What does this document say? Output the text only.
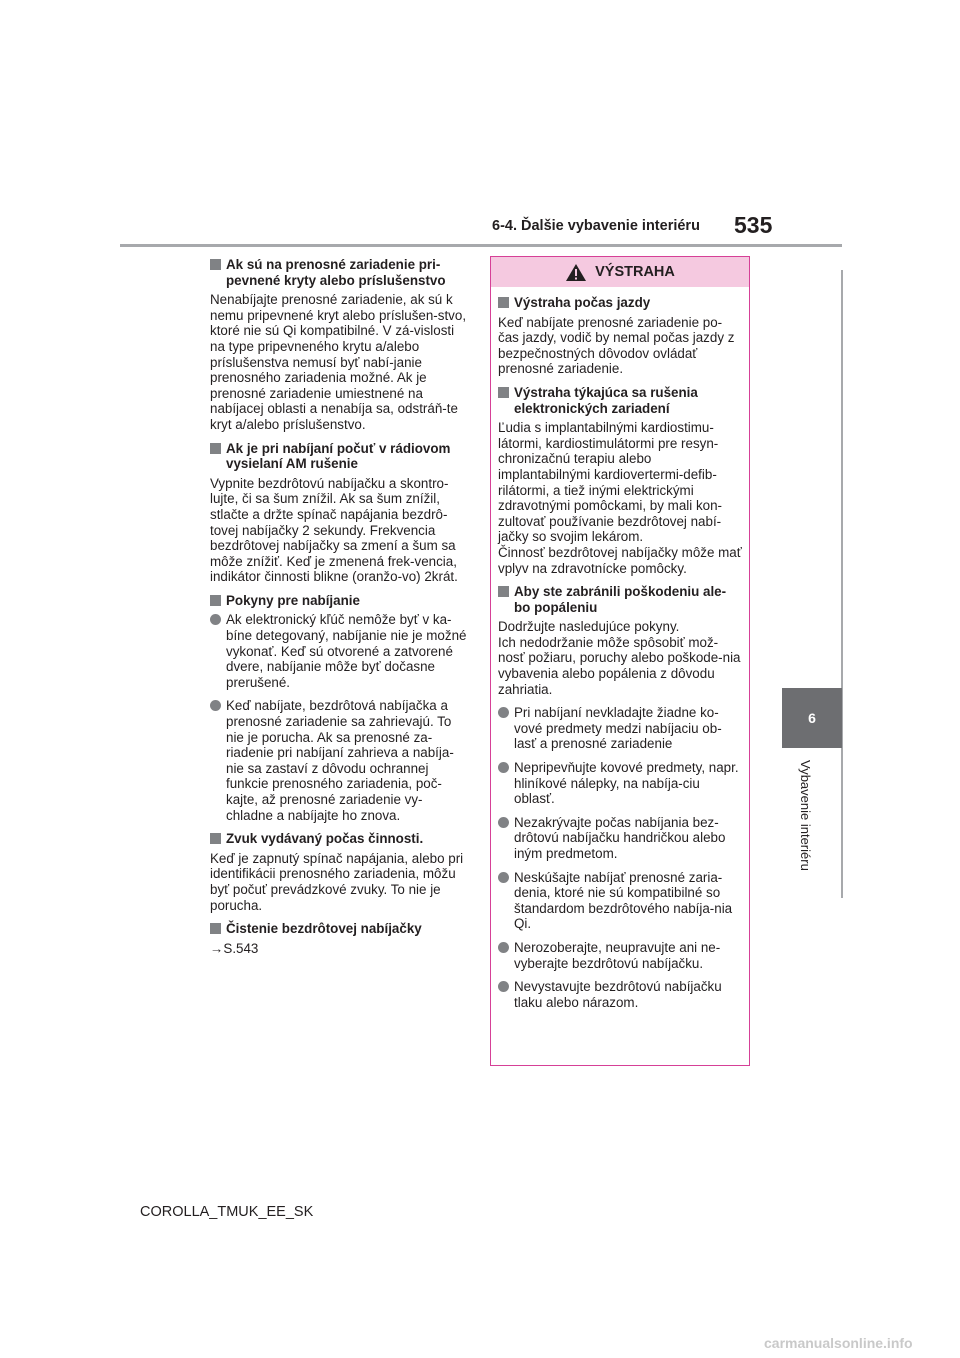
6-4. Ďalšie vybavenie interiéru 535
6
Vybavenie interiéru

Ak sú na prenosné zariadenie pri-pevnené kryty alebo príslušenstvo

Nenabíjajte prenosné zariadenie, ak sú k nemu pripevnené kryt alebo príslušen-stvo, ktoré nie sú Qi kompatibilné. V zá-vislosti na type pripevneného krytu a/alebo príslušenstva nemusí byť nabí-janie prenosného zariadenia možné. Ak je prenosné zariadenie umiestnené na nabíjacej oblasti a nenabíja sa, odstráň-te kryt a/alebo príslušenstvo.

Ak je pri nabíjaní počuť v rádiovom vysielaní AM rušenie

Vypnite bezdrôtovú nabíjačku a skontro-lujte, či sa šum znížil. Ak sa šum znížil, stlačte a držte spínač napájania bezdrô-tovej nabíjačky 2 sekundy. Frekvencia bezdrôtovej nabíjačky sa zmení a šum sa môže znížiť. Keď je zmenená frek-vencia, indikátor činnosti blikne (oranžo-vo) 2krát.

Pokyny pre nabíjanie

Ak elektronický kľúč nemôže byť v ka-bíne detegovaný, nabíjanie nie je možné vykonať. Keď sú otvorené a zatvorené dvere, nabíjanie môže byť dočasne prerušené.

Keď nabíjate, bezdrôtová nabíjačka a prenosné zariadenie sa zahrievajú. To nie je porucha. Ak sa prenosné za-riadenie pri nabíjaní zahrieva a nabíja-nie sa zastaví z dôvodu ochrannej funkcie prenosného zariadenia, poč-kajte, až prenosné zariadenie vy-chladne a nabíjajte ho znova.

Zvuk vydávaný počas činnosti.

Keď je zapnutý spínač napájania, alebo pri identifikácii prenosného zariadenia, môžu byť počuť prevádzkové zvuky. To nie je porucha.

Čistenie bezdrôtovej nabíjačky

→S.543

VÝSTRAHA

Výstraha počas jazdy

Keď nabíjate prenosné zariadenie po-čas jazdy, vodič by nemal počas jazdy z bezpečnostných dôvodov ovládať prenosné zariadenie.

Výstraha týkajúca sa rušenia elektronických zariadení

Ľudia s implantabilnými kardiostimu-látormi, kardiostimulátormi pre resyn-chronizačnú terapiu alebo implantabilnými kardiovertermi-defib-rilátormi, a tiež inými elektrickými zdravotnými pomôckami, by mali kon-zultovať používanie bezdrôtovej nabí-jačky so svojim lekárom.

Činnosť bezdrôtovej nabíjačky môže mať vplyv na zdravotnícke pomôcky.

Aby ste zabránili poškodeniu ale-bo popáleniu

Dodržujte nasledujúce pokyny.

Ich nedodržanie môže spôsobiť mož-nosť požiaru, poruchy alebo poškode-nia vybavenia alebo popálenia z dôvodu zahriatia.

Pri nabíjaní nevkladajte žiadne ko-vové predmety medzi nabíjaciu ob-lasť a prenosné zariadenie

Nepripevňujte kovové predmety, napr. hliníkové nálepky, na nabíja-ciu oblasť.

Nezakrývajte počas nabíjania bez-drôtovú nabíjačku handričkou alebo iným predmetom.

Neskúšajte nabíjať prenosné zaria-denia, ktoré nie sú kompatibilné so štandardom bezdrôtového nabíja-nia Qi.

Nerozoberajte, neupravujte ani ne-vyberajte bezdrôtovú nabíjačku.

Nevystavujte bezdrôtovú nabíjačku tlaku alebo nárazom.

COROLLA_TMUK_EE_SK
carmanualsonline.info
